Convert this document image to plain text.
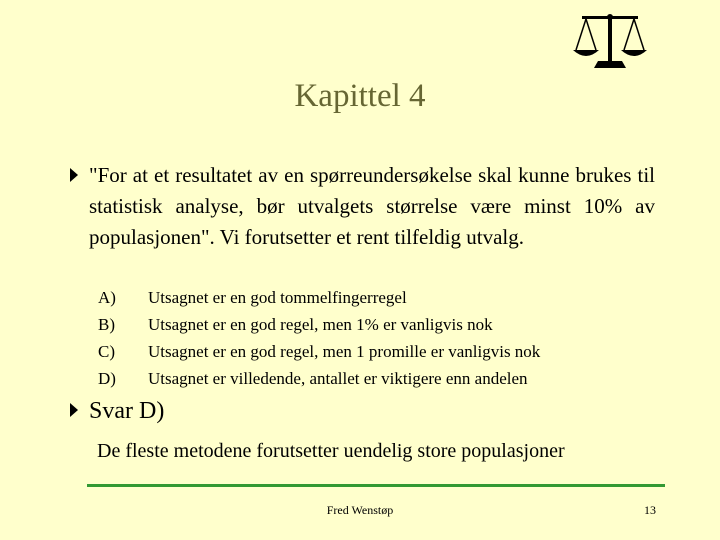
Kapittel 4
"For at et resultatet av en spørreundersøkelse skal kunne brukes til statistisk analyse, bør utvalgets størrelse være minst 10% av populasjonen". Vi forutsetter et rent tilfeldig utvalg.
A)	Utsagnet er en god tommelfingerregel
B)	Utsagnet er en god regel, men 1% er vanligvis nok
C)	Utsagnet er en god regel, men 1 promille er vanligvis nok
D)	Utsagnet er villedende, antallet er viktigere enn andelen
Svar D)
De fleste metodene forutsetter uendelig store populasjoner
Fred Wenstøp	13
